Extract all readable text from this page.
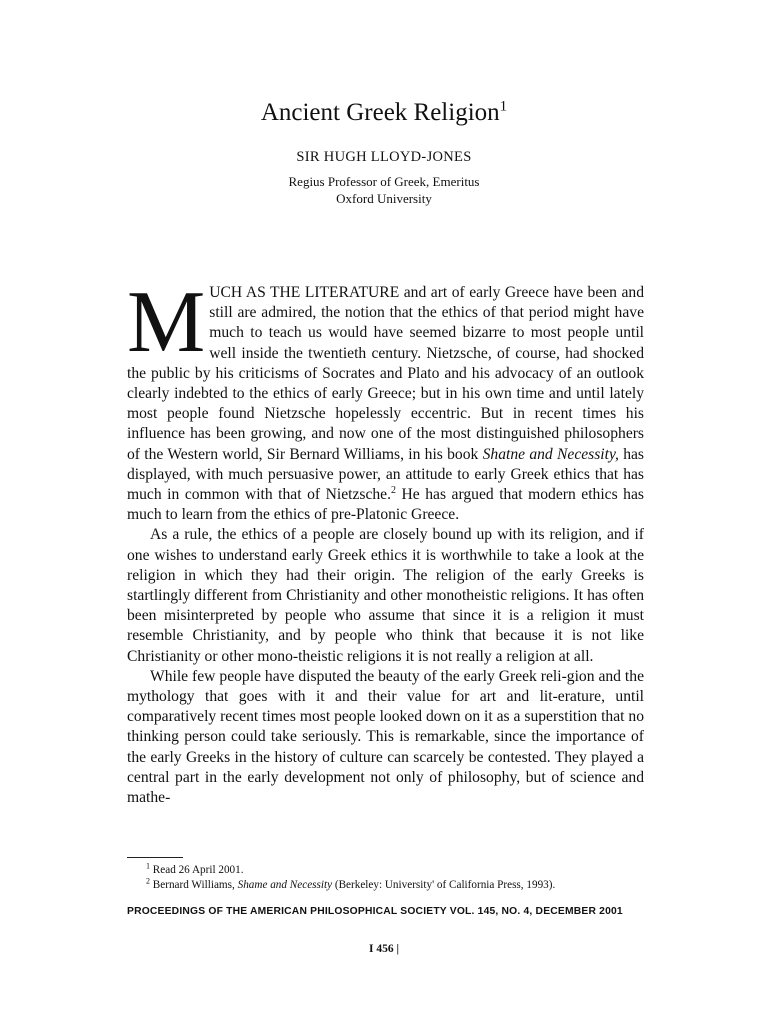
Ancient Greek Religion$^1$
SIR HUGH LLOYD-JONES
Regius Professor of Greek, Emeritus
Oxford University

MUCH AS THE LITERATURE and art of early Greece have been and still are admired, the notion that the ethics of that period might have much to teach us would have seemed bizarre to most people until well inside the twentieth century. Nietzsche, of course, had shocked the public by his criticisms of Socrates and Plato and his advocacy of an outlook clearly indebted to the ethics of early Greece; but in his own time and until lately most people found Nietzsche hopelessly eccentric. But in recent times his influence has been growing, and now one of the most distinguished philosophers of the Western world, Sir Bernard Williams, in his book Shatne and Necessity, has displayed, with much persuasive power, an attitude to early Greek ethics that has much in common with that of Nietzsche.$^2$ He has argued that modern ethics has much to learn from the ethics of pre-Platonic Greece.

As a rule, the ethics of a people are closely bound up with its religion, and if one wishes to understand early Greek ethics it is worthwhile to take a look at the religion in which they had their origin. The religion of the early Greeks is startlingly different from Christianity and other monotheistic religions. It has often been misinterpreted by people who assume that since it is a religion it must resemble Christianity, and by people who think that because it is not like Christianity or other mono-theistic religions it is not really a religion at all.

While few people have disputed the beauty of the early Greek reli-gion and the mythology that goes with it and their value for art and lit-erature, until comparatively recent times most people looked down on it as a superstition that no thinking person could take seriously. This is remarkable, since the importance of the early Greeks in the history of culture can scarcely be contested. They played a central part in the early development not only of philosophy, but of science and mathe-

$^1$ Read 26 April 2001.
$^2$ Bernard Williams, Shame and Necessity (Berkeley: University' of California Press, 1993).
PROCEEDINGS OF THE AMERICAN PHILOSOPHICAL SOCIETY VOL. 145, NO. 4, DECEMBER 2001
I 456 |
